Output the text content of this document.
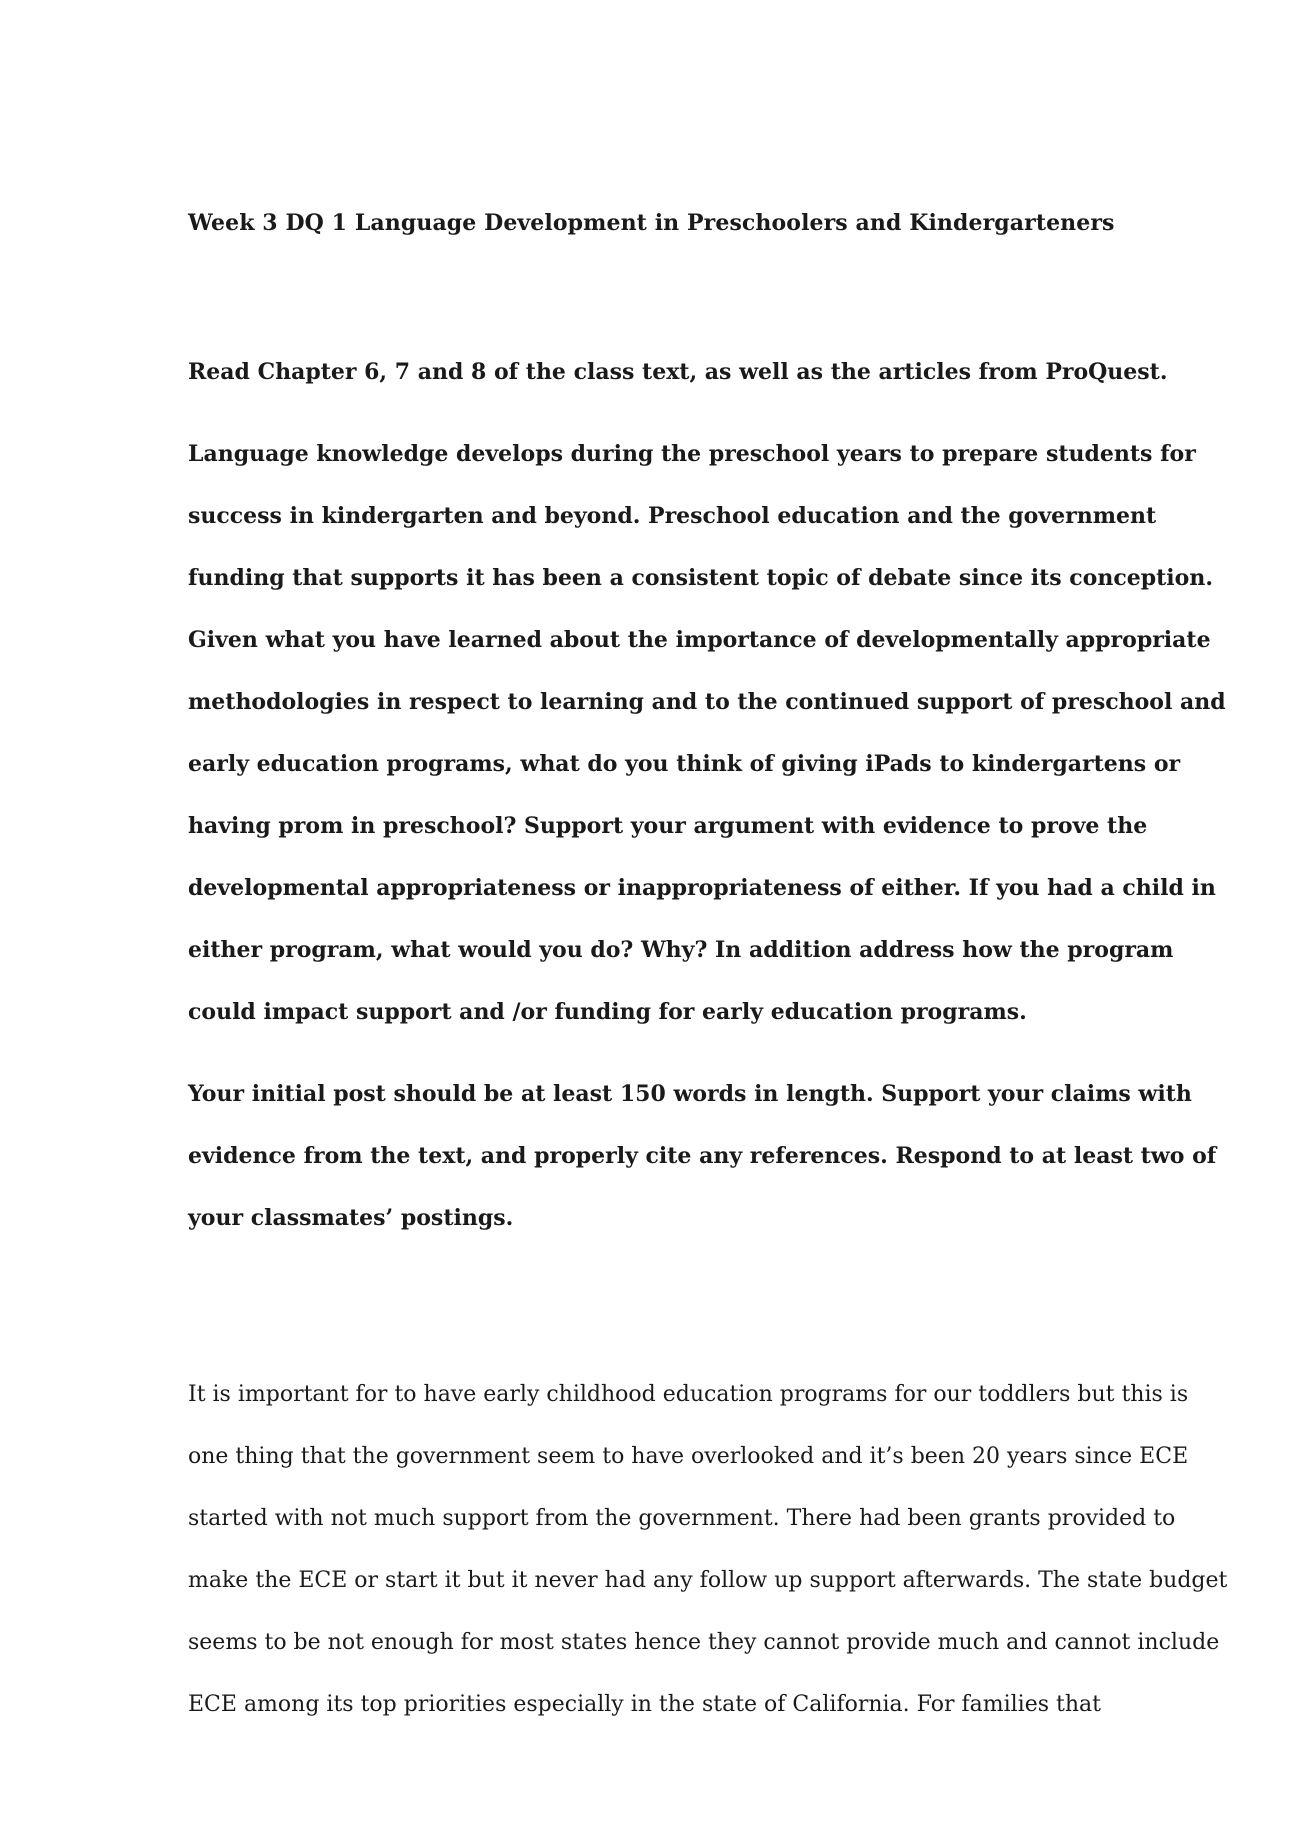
Week 3 DQ 1 Language Development in Preschoolers and Kindergarteners

Read Chapter 6, 7 and 8 of the class text, as well as the articles from ProQuest.

Language knowledge develops during the preschool years to prepare students for success in kindergarten and beyond. Preschool education and the government funding that supports it has been a consistent topic of debate since its conception. Given what you have learned about the importance of developmentally appropriate methodologies in respect to learning and to the continued support of preschool and early education programs, what do you think of giving iPads to kindergartens or having prom in preschool? Support your argument with evidence to prove the developmental appropriateness or inappropriateness of either. If you had a child in either program, what would you do? Why? In addition address how the program could impact support and /or funding for early education programs.

Your initial post should be at least 150 words in length. Support your claims with evidence from the text, and properly cite any references. Respond to at least two of your classmates’ postings.

It is important for to have early childhood education programs for our toddlers but this is one thing that the government seem to have overlooked and it’s been 20 years since ECE started with not much support from the government. There had been grants provided to make the ECE or start it but it never had any follow up support afterwards. The state budget seems to be not enough for most states hence they cannot provide much and cannot include ECE among its top priorities especially in the state of California. For families that
